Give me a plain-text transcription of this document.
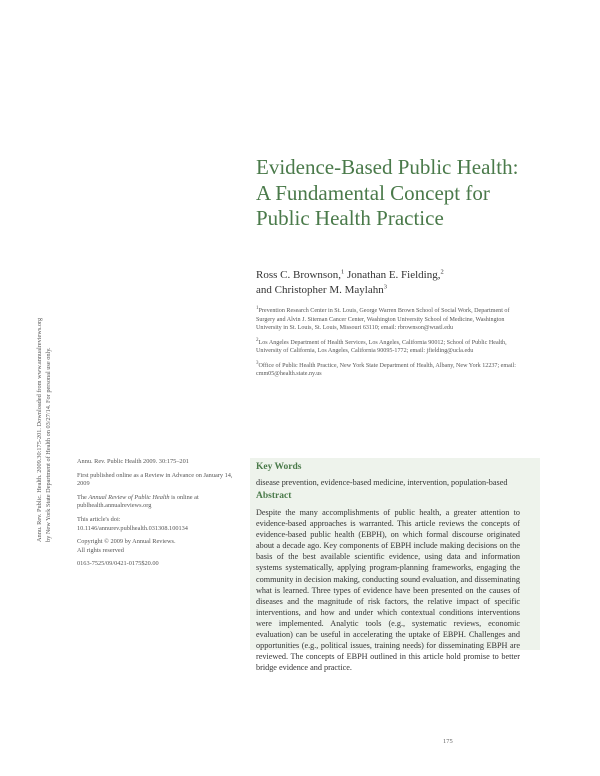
Annu. Rev. Public. Health. 2009.30:175-201. Downloaded from www.annualreviews.org by New York State Department of Health on 03/27/14. For personal use only.
Evidence-Based Public Health: A Fundamental Concept for Public Health Practice
Ross C. Brownson,$^1$ Jonathan E. Fielding,$^2$
and Christopher M. Maylahn$^3$
$^1$Prevention Research Center in St. Louis, George Warren Brown School of Social Work, Department of Surgery and Alvin J. Siteman Cancer Center, Washington University School of Medicine, Washington University in St. Louis, St. Louis, Missouri 63110; email: rbrownson@wustl.edu
$^2$Los Angeles Department of Health Services, Los Angeles, California 90012; School of Public Health, University of California, Los Angeles, California 90095-1772; email: jfielding@ucla.edu
$^3$Office of Public Health Practice, New York State Department of Health, Albany, New York 12237; email: cmm05@health.state.ny.us
Annu. Rev. Public Health 2009. 30:175–201
First published online as a Review in Advance on January 14, 2009
The Annual Review of Public Health is online at publhealth.annualreviews.org
This article's doi:
10.1146/annurev.publhealth.031308.100134
Copyright © 2009 by Annual Reviews.
All rights reserved
0163-7525/09/0421-0175$20.00
Key Words
disease prevention, evidence-based medicine, intervention, population-based
Abstract
Despite the many accomplishments of public health, a greater attention to evidence-based approaches is warranted. This article reviews the concepts of evidence-based public health (EBPH), on which formal discourse originated about a decade ago. Key components of EBPH include making decisions on the basis of the best available scientific evidence, using data and information systems systematically, applying program-planning frameworks, engaging the community in decision making, conducting sound evaluation, and disseminating what is learned. Three types of evidence have been presented on the causes of diseases and the magnitude of risk factors, the relative impact of specific interventions, and how and under which contextual conditions interventions were implemented. Analytic tools (e.g., systematic reviews, economic evaluation) can be useful in accelerating the uptake of EBPH. Challenges and opportunities (e.g., political issues, training needs) for disseminating EBPH are reviewed. The concepts of EBPH outlined in this article hold promise to better bridge evidence and practice.
175
